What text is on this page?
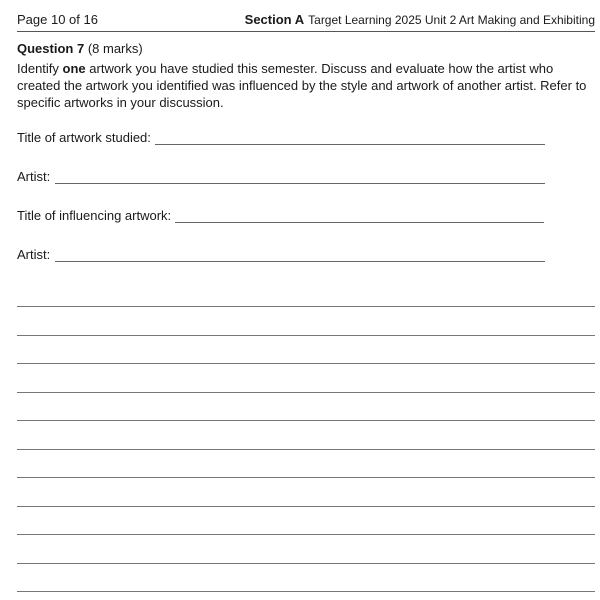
Page 10 of 16	Section A Target Learning 2025 Unit 2 Art Making and Exhibiting
Question 7 (8 marks)
Identify one artwork you have studied this semester. Discuss and evaluate how the artist who created the artwork you identified was influenced by the style and artwork of another artist. Refer to specific artworks in your discussion.
Title of artwork studied:
Artist:
Title of influencing artwork:
Artist:
